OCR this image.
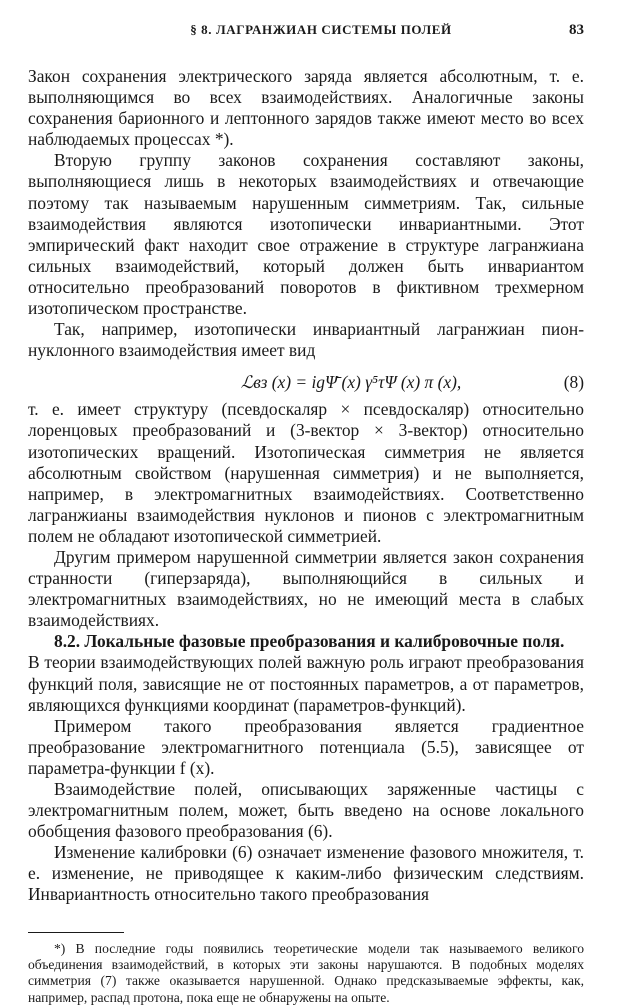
§ 8. ЛАГРАНЖИАН СИСТЕМЫ ПОЛЕЙ	83

Закон сохранения электрического заряда является абсолютным, т. е. выполняющимся во всех взаимодействиях. Аналогичные законы сохранения барионного и лептонного зарядов также имеют место во всех наблюдаемых процессах *).

Вторую группу законов сохранения составляют законы, выполняющиеся лишь в некоторых взаимодействиях и отвечающие поэтому так называемым нарушенным симметриям. Так, сильные взаимодействия являются изотопически инвариантными. Этот эмпирический факт находит свое отражение в структуре лагранжиана сильных взаимодействий, который должен быть инвариантом относительно преобразований поворотов в фиктивном трехмерном изотопическом пространстве.

Так, например, изотопически инвариантный лагранжиан пион-нуклонного взаимодействия имеет вид

ℒвз (x) = igΨ̄ (x) γ⁵τΨ (x) π (x),	(8)

т. е. имеет структуру (псевдоскаляр × псевдоскаляр) относительно лоренцовых преобразований и (3-вектор × 3-вектор) относительно изотопических вращений. Изотопическая симметрия не является абсолютным свойством (нарушенная симметрия) и не выполняется, например, в электромагнитных взаимодействиях. Соответственно лагранжианы взаимодействия нуклонов и пионов с электромагнитным полем не обладают изотопической симметрией.

Другим примером нарушенной симметрии является закон сохранения странности (гиперзаряда), выполняющийся в сильных и электромагнитных взаимодействиях, но не имеющий места в слабых взаимодействиях.

8.2. Локальные фазовые преобразования и калибровочные поля.

В теории взаимодействующих полей важную роль играют преобразования функций поля, зависящие не от постоянных параметров, а от параметров, являющихся функциями координат (параметров-функций).

Примером такого преобразования является градиентное преобразование электромагнитного потенциала (5.5), зависящее от параметра-функции f (x).

Взаимодействие полей, описывающих заряженные частицы с электромагнитным полем, может, быть введено на основе локального обобщения фазового преобразования (6).

Изменение калибровки (6) означает изменение фазового множителя, т. е. изменение, не приводящее к каким-либо физическим следствиям. Инвариантность относительно такого преобразования

*) В последние годы появились теоретические модели так называемого великого объединения взаимодействий, в которых эти законы нарушаются. В подобных моделях симметрия (7) также оказывается нарушенной. Однако предсказываемые эффекты, как, например, распад протона, пока еще не обнаружены на опыте.
